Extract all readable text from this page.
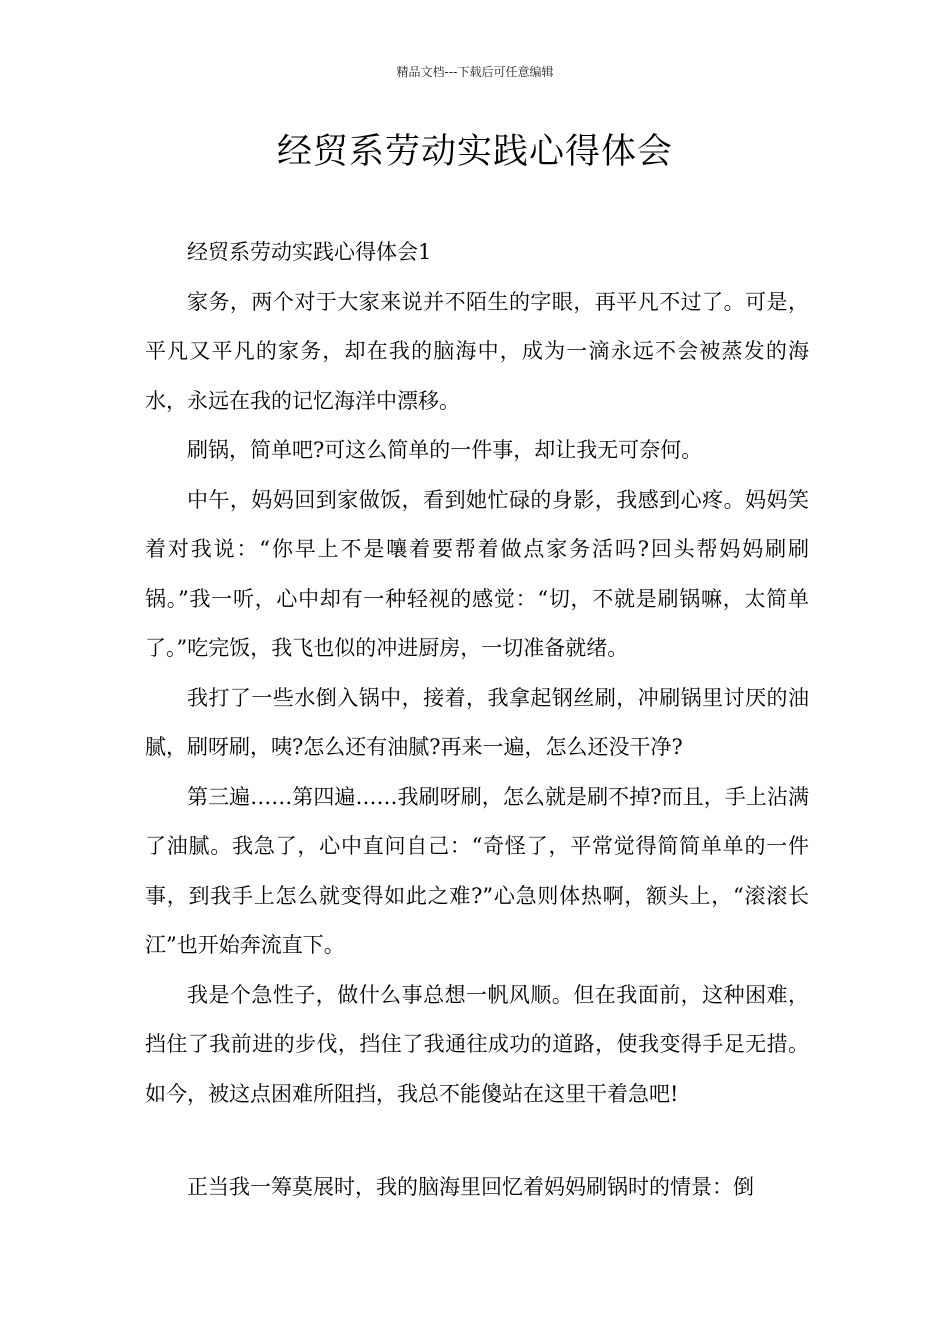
精品文档---下载后可任意编辑
经贸系劳动实践心得体会

经贸系劳动实践心得体会1

家务，两个对于大家来说并不陌生的字眼，再平凡不过了。可是，平凡又平凡的家务，却在我的脑海中，成为一滴永远不会被蒸发的海水，永远在我的记忆海洋中漂移。

刷锅，简单吧?可这么简单的一件事，却让我无可奈何。

中午，妈妈回到家做饭，看到她忙碌的身影，我感到心疼。妈妈笑着对我说：“你早上不是嚷着要帮着做点家务活吗?回头帮妈妈刷刷锅。”我一听，心中却有一种轻视的感觉：“切，不就是刷锅嘛，太简单了。”吃完饭，我飞也似的冲进厨房，一切准备就绪。

我打了一些水倒入锅中，接着，我拿起钢丝刷，冲刷锅里讨厌的油腻，刷呀刷，咦?怎么还有油腻?再来一遍，怎么还没干净?

第三遍……第四遍……我刷呀刷，怎么就是刷不掉?而且，手上沾满了油腻。我急了，心中直问自己：“奇怪了，平常觉得简简单单的一件事，到我手上怎么就变得如此之难?”心急则体热啊，额头上，“滚滚长江”也开始奔流直下。

我是个急性子，做什么事总想一帆风顺。但在我面前，这种困难，挡住了我前进的步伐，挡住了我通往成功的道路，使我变得手足无措。如今，被这点困难所阻挡，我总不能傻站在这里干着急吧!

正当我一筹莫展时，我的脑海里回忆着妈妈刷锅时的情景：倒
